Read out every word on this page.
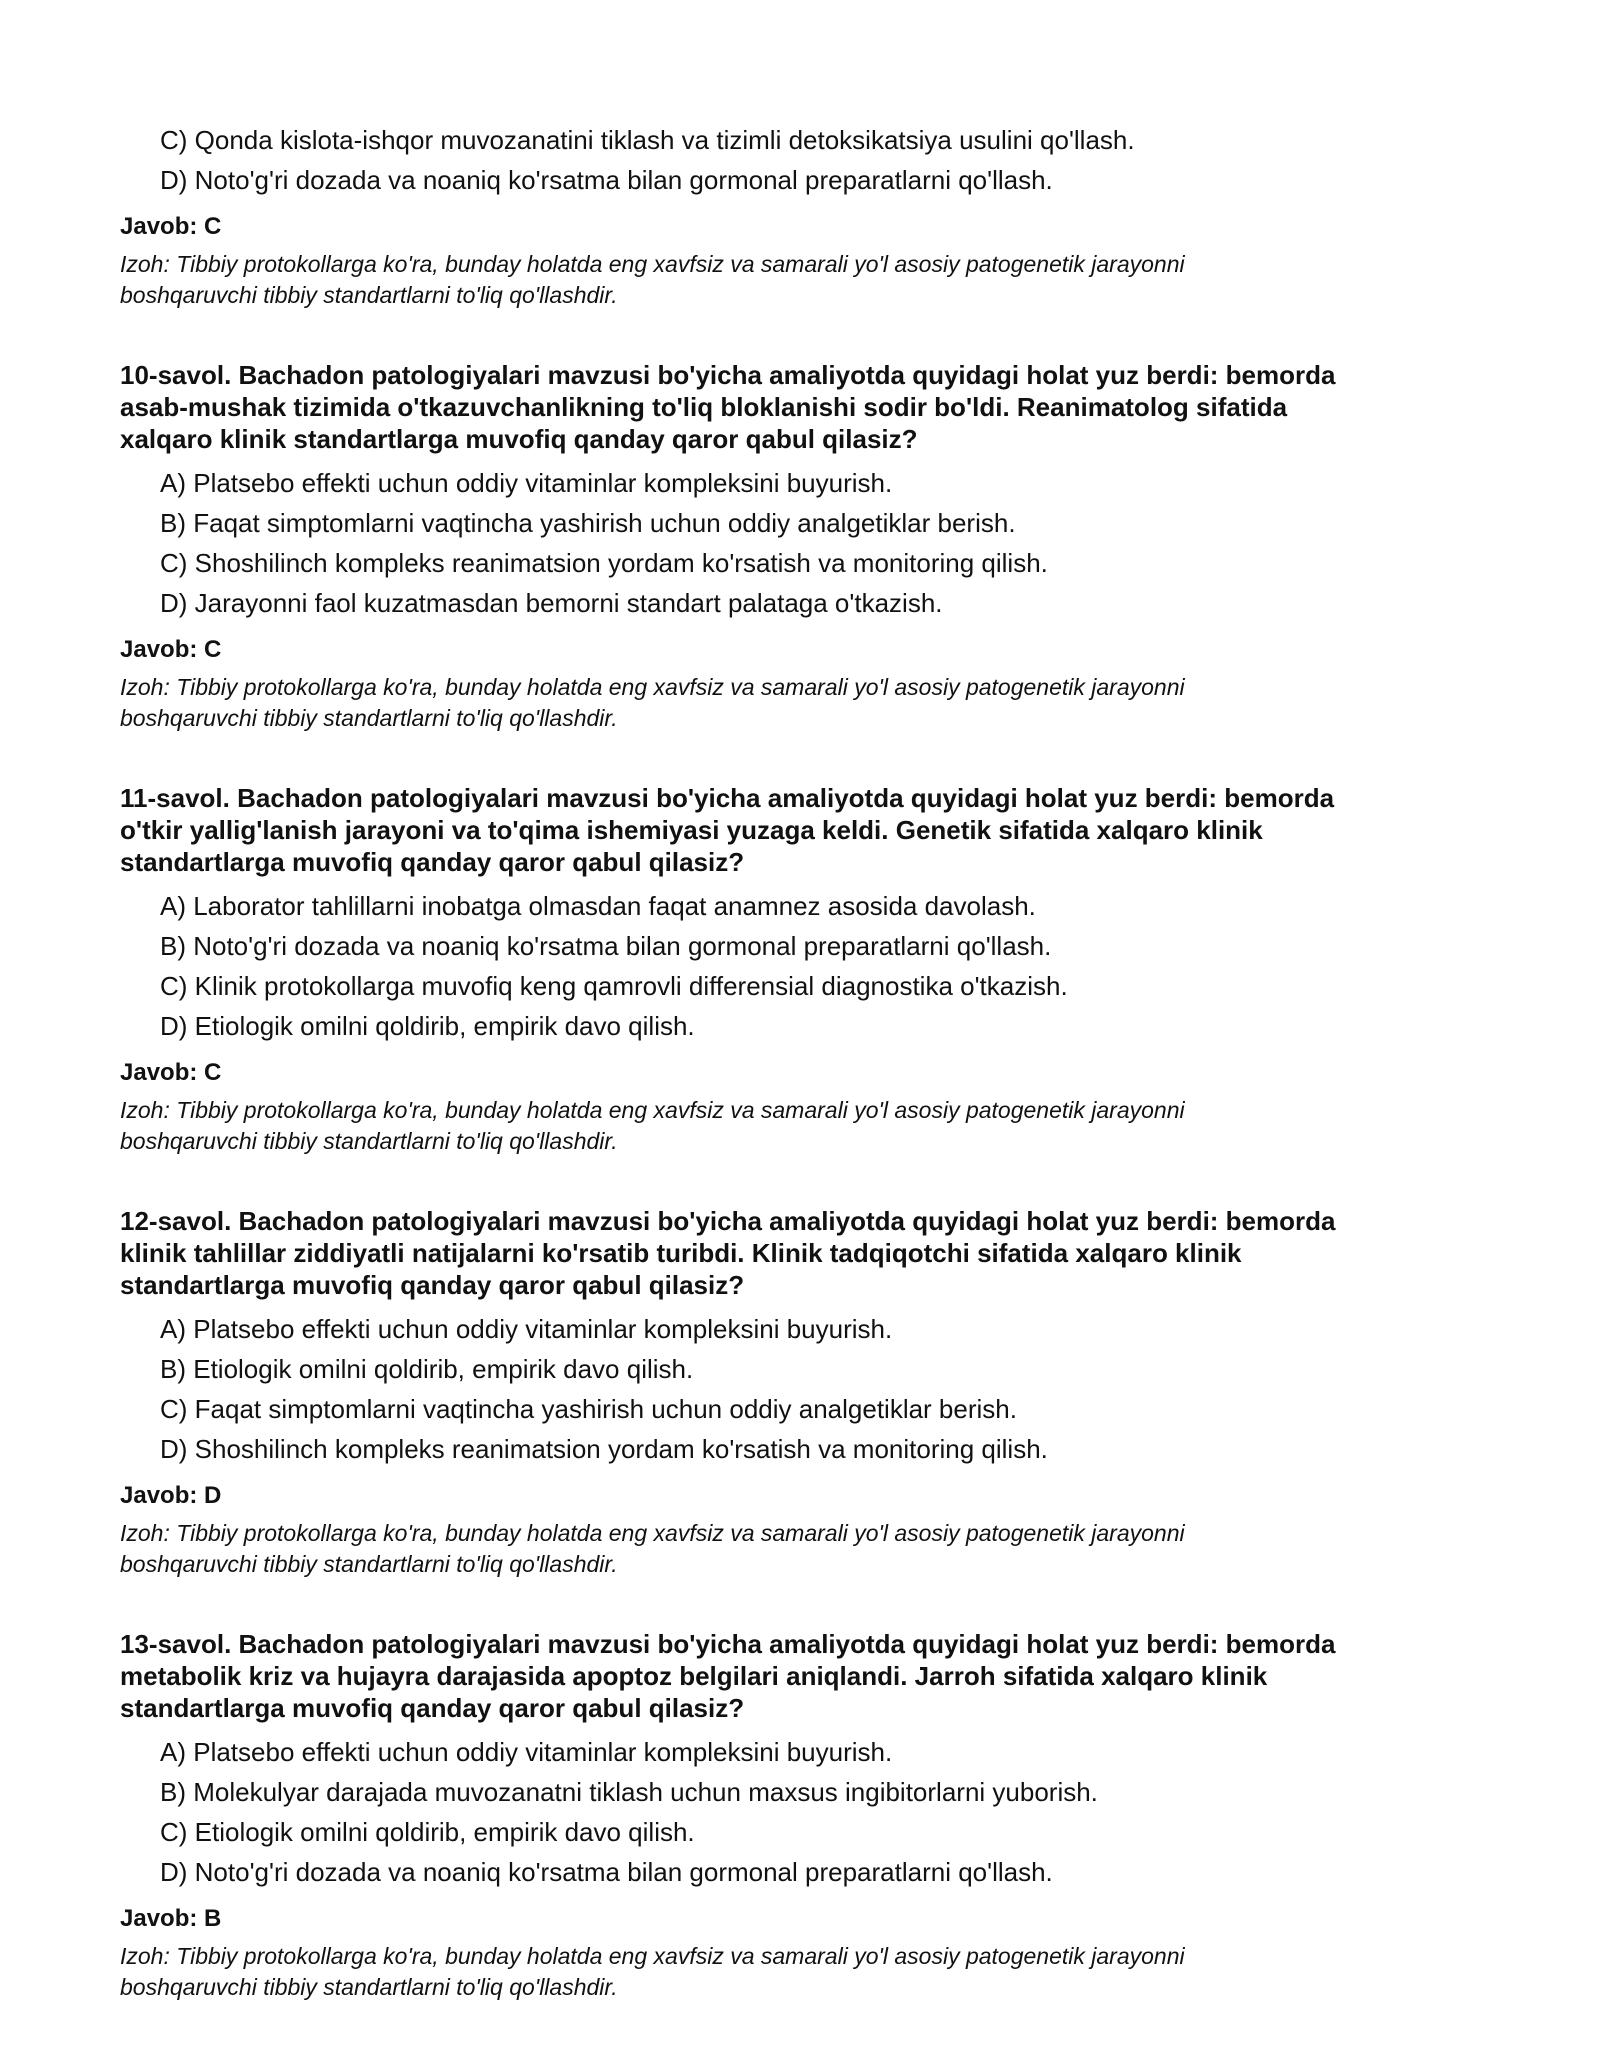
C) Qonda kislota-ishqor muvozanatini tiklash va tizimli detoksikatsiya usulini qo'llash.
D) Noto'g'ri dozada va noaniq ko'rsatma bilan gormonal preparatlarni qo'llash.
Javob: C
Izoh: Tibbiy protokollarga ko'ra, bunday holatda eng xavfsiz va samarali yo'l asosiy patogenetik jarayonni
boshqaruvchi tibbiy standartlarni to'liq qo'llashdir.
10-savol. Bachadon patologiyalari mavzusi bo'yicha amaliyotda quyidagi holat yuz berdi: bemorda
asab-mushak tizimida o'tkazuvchanlikning to'liq bloklanishi sodir bo'ldi. Reanimatolog sifatida
xalqaro klinik standartlarga muvofiq qanday qaror qabul qilasiz?
A) Platsebo effekti uchun oddiy vitaminlar kompleksini buyurish.
B) Faqat simptomlarni vaqtincha yashirish uchun oddiy analgetiklar berish.
C) Shoshilinch kompleks reanimatsion yordam ko'rsatish va monitoring qilish.
D) Jarayonni faol kuzatmasdan bemorni standart palataga o'tkazish.
Javob: C
Izoh: Tibbiy protokollarga ko'ra, bunday holatda eng xavfsiz va samarali yo'l asosiy patogenetik jarayonni
boshqaruvchi tibbiy standartlarni to'liq qo'llashdir.
11-savol. Bachadon patologiyalari mavzusi bo'yicha amaliyotda quyidagi holat yuz berdi: bemorda
o'tkir yallig'lanish jarayoni va to'qima ishemiyasi yuzaga keldi. Genetik sifatida xalqaro klinik
standartlarga muvofiq qanday qaror qabul qilasiz?
A) Laborator tahlillarni inobatga olmasdan faqat anamnez asosida davolash.
B) Noto'g'ri dozada va noaniq ko'rsatma bilan gormonal preparatlarni qo'llash.
C) Klinik protokollarga muvofiq keng qamrovli differensial diagnostika o'tkazish.
D) Etiologik omilni qoldirib, empirik davo qilish.
Javob: C
Izoh: Tibbiy protokollarga ko'ra, bunday holatda eng xavfsiz va samarali yo'l asosiy patogenetik jarayonni
boshqaruvchi tibbiy standartlarni to'liq qo'llashdir.
12-savol. Bachadon patologiyalari mavzusi bo'yicha amaliyotda quyidagi holat yuz berdi: bemorda
klinik tahlillar ziddiyatli natijalarni ko'rsatib turibdi. Klinik tadqiqotchi sifatida xalqaro klinik
standartlarga muvofiq qanday qaror qabul qilasiz?
A) Platsebo effekti uchun oddiy vitaminlar kompleksini buyurish.
B) Etiologik omilni qoldirib, empirik davo qilish.
C) Faqat simptomlarni vaqtincha yashirish uchun oddiy analgetiklar berish.
D) Shoshilinch kompleks reanimatsion yordam ko'rsatish va monitoring qilish.
Javob: D
Izoh: Tibbiy protokollarga ko'ra, bunday holatda eng xavfsiz va samarali yo'l asosiy patogenetik jarayonni
boshqaruvchi tibbiy standartlarni to'liq qo'llashdir.
13-savol. Bachadon patologiyalari mavzusi bo'yicha amaliyotda quyidagi holat yuz berdi: bemorda
metabolik kriz va hujayra darajasida apoptoz belgilari aniqlandi. Jarroh sifatida xalqaro klinik
standartlarga muvofiq qanday qaror qabul qilasiz?
A) Platsebo effekti uchun oddiy vitaminlar kompleksini buyurish.
B) Molekulyar darajada muvozanatni tiklash uchun maxsus ingibitorlarni yuborish.
C) Etiologik omilni qoldirib, empirik davo qilish.
D) Noto'g'ri dozada va noaniq ko'rsatma bilan gormonal preparatlarni qo'llash.
Javob: B
Izoh: Tibbiy protokollarga ko'ra, bunday holatda eng xavfsiz va samarali yo'l asosiy patogenetik jarayonni
boshqaruvchi tibbiy standartlarni to'liq qo'llashdir.
